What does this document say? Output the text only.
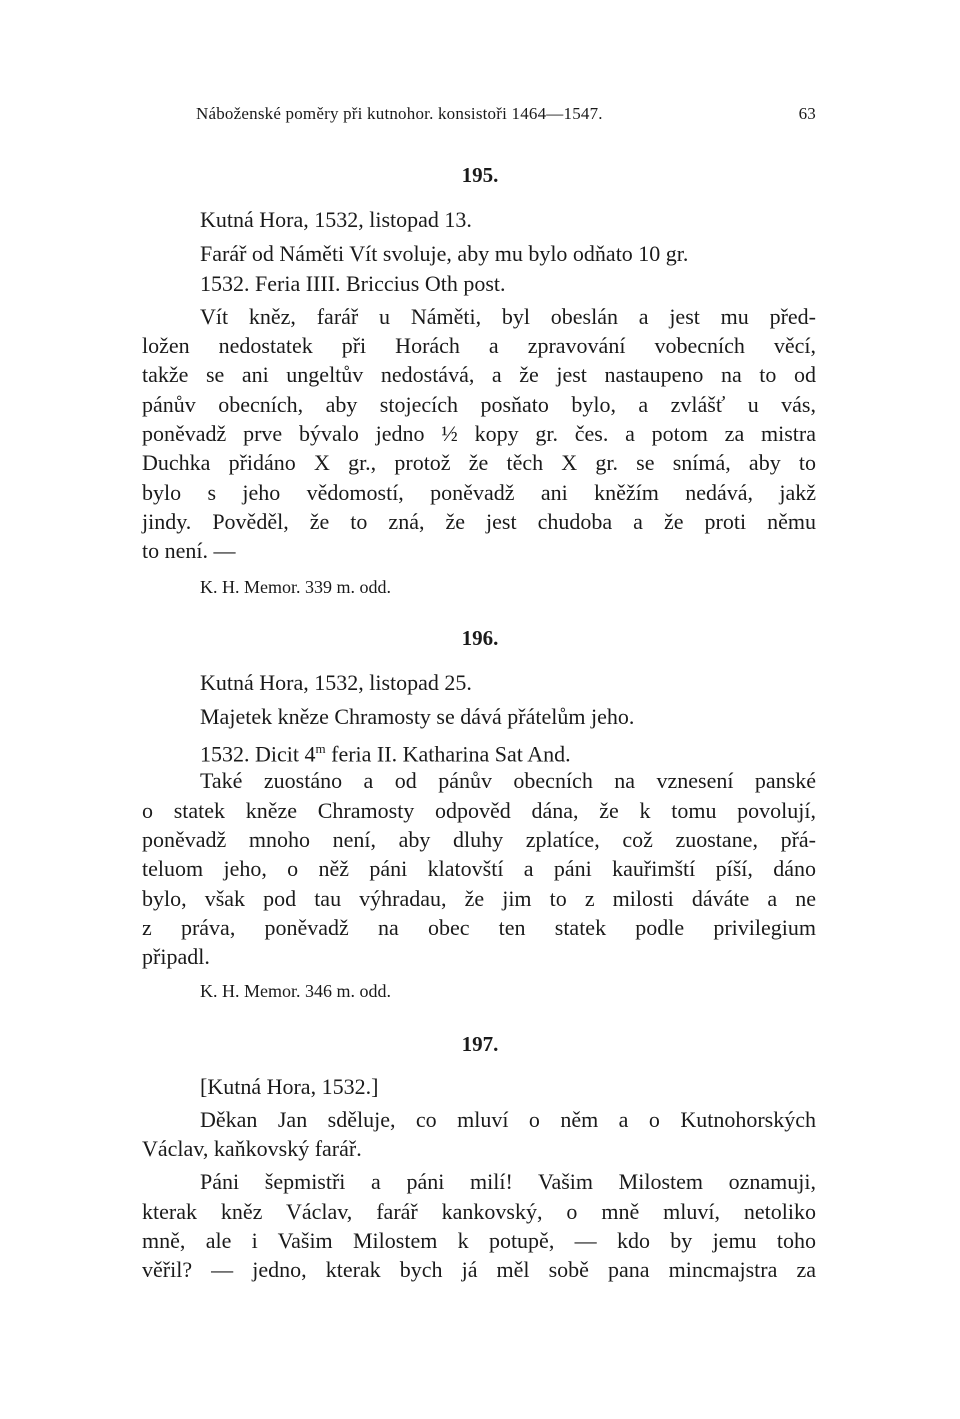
Náboženské poměry při kutnohor. konsistoři 1464—1547.	63
195.
Kutná Hora, 1532, listopad 13.
Farář od Náměti Vít svoluje, aby mu bylo odňato 10 gr.
1532. Feria IIII. Briccius Oth post.
Vít kněz, farář u Náměti, byl obeslán a jest mu před-
ložen nedostatek při Horách a zpravování vobecních věcí,
takže se ani ungeltův nedostává, a že jest nastaupeno na to od
pánův obecních, aby stojecích posňato bylo, a zvlášť u vás,
poněvadž prve bývalo jedno ½ kopy gr. čes. a potom za mistra
Duchka přidáno X gr., protož že těch X gr. se snímá, aby to
bylo s jeho vědomostí, poněvadž ani kněžím nedává, jakž
jindy. Pověděl, že to zná, že jest chudoba a že proti němu
to není. —
K. H. Memor. 339 m. odd.
196.
Kutná Hora, 1532, listopad 25.
Majetek kněze Chramosty se dává přátelům jeho.
1532. Dicit 4$^m$ feria II. Katharina Sat And.
Také zuostáno a od pánův obecních na vznesení panské
o statek kněze Chramosty odpověd dána, že k tomu povolují,
poněvadž mnoho není, aby dluhy zplatíce, což zuostane, přá-
teluom jeho, o něž páni klatovští a páni kauřimští píší, dáno
bylo, však pod tau výhradau, že jim to z milosti dáváte a ne
z práva, poněvadž na obec ten statek podle privilegium
připadl.
K. H. Memor. 346 m. odd.
197.
[Kutná Hora, 1532.]
Děkan Jan sděluje, co mluví o něm a o Kutnohorských
Václav, kaňkovský farář.
Páni šepmistři a páni milí! Vašim Milostem oznamuji,
kterak kněz Václav, farář kankovský, o mně mluví, netoliko
mně, ale i Vašim Milostem k potupě, — kdo by jemu toho
věřil? — jedno, kterak bych já měl sobě pana mincmajstra za
